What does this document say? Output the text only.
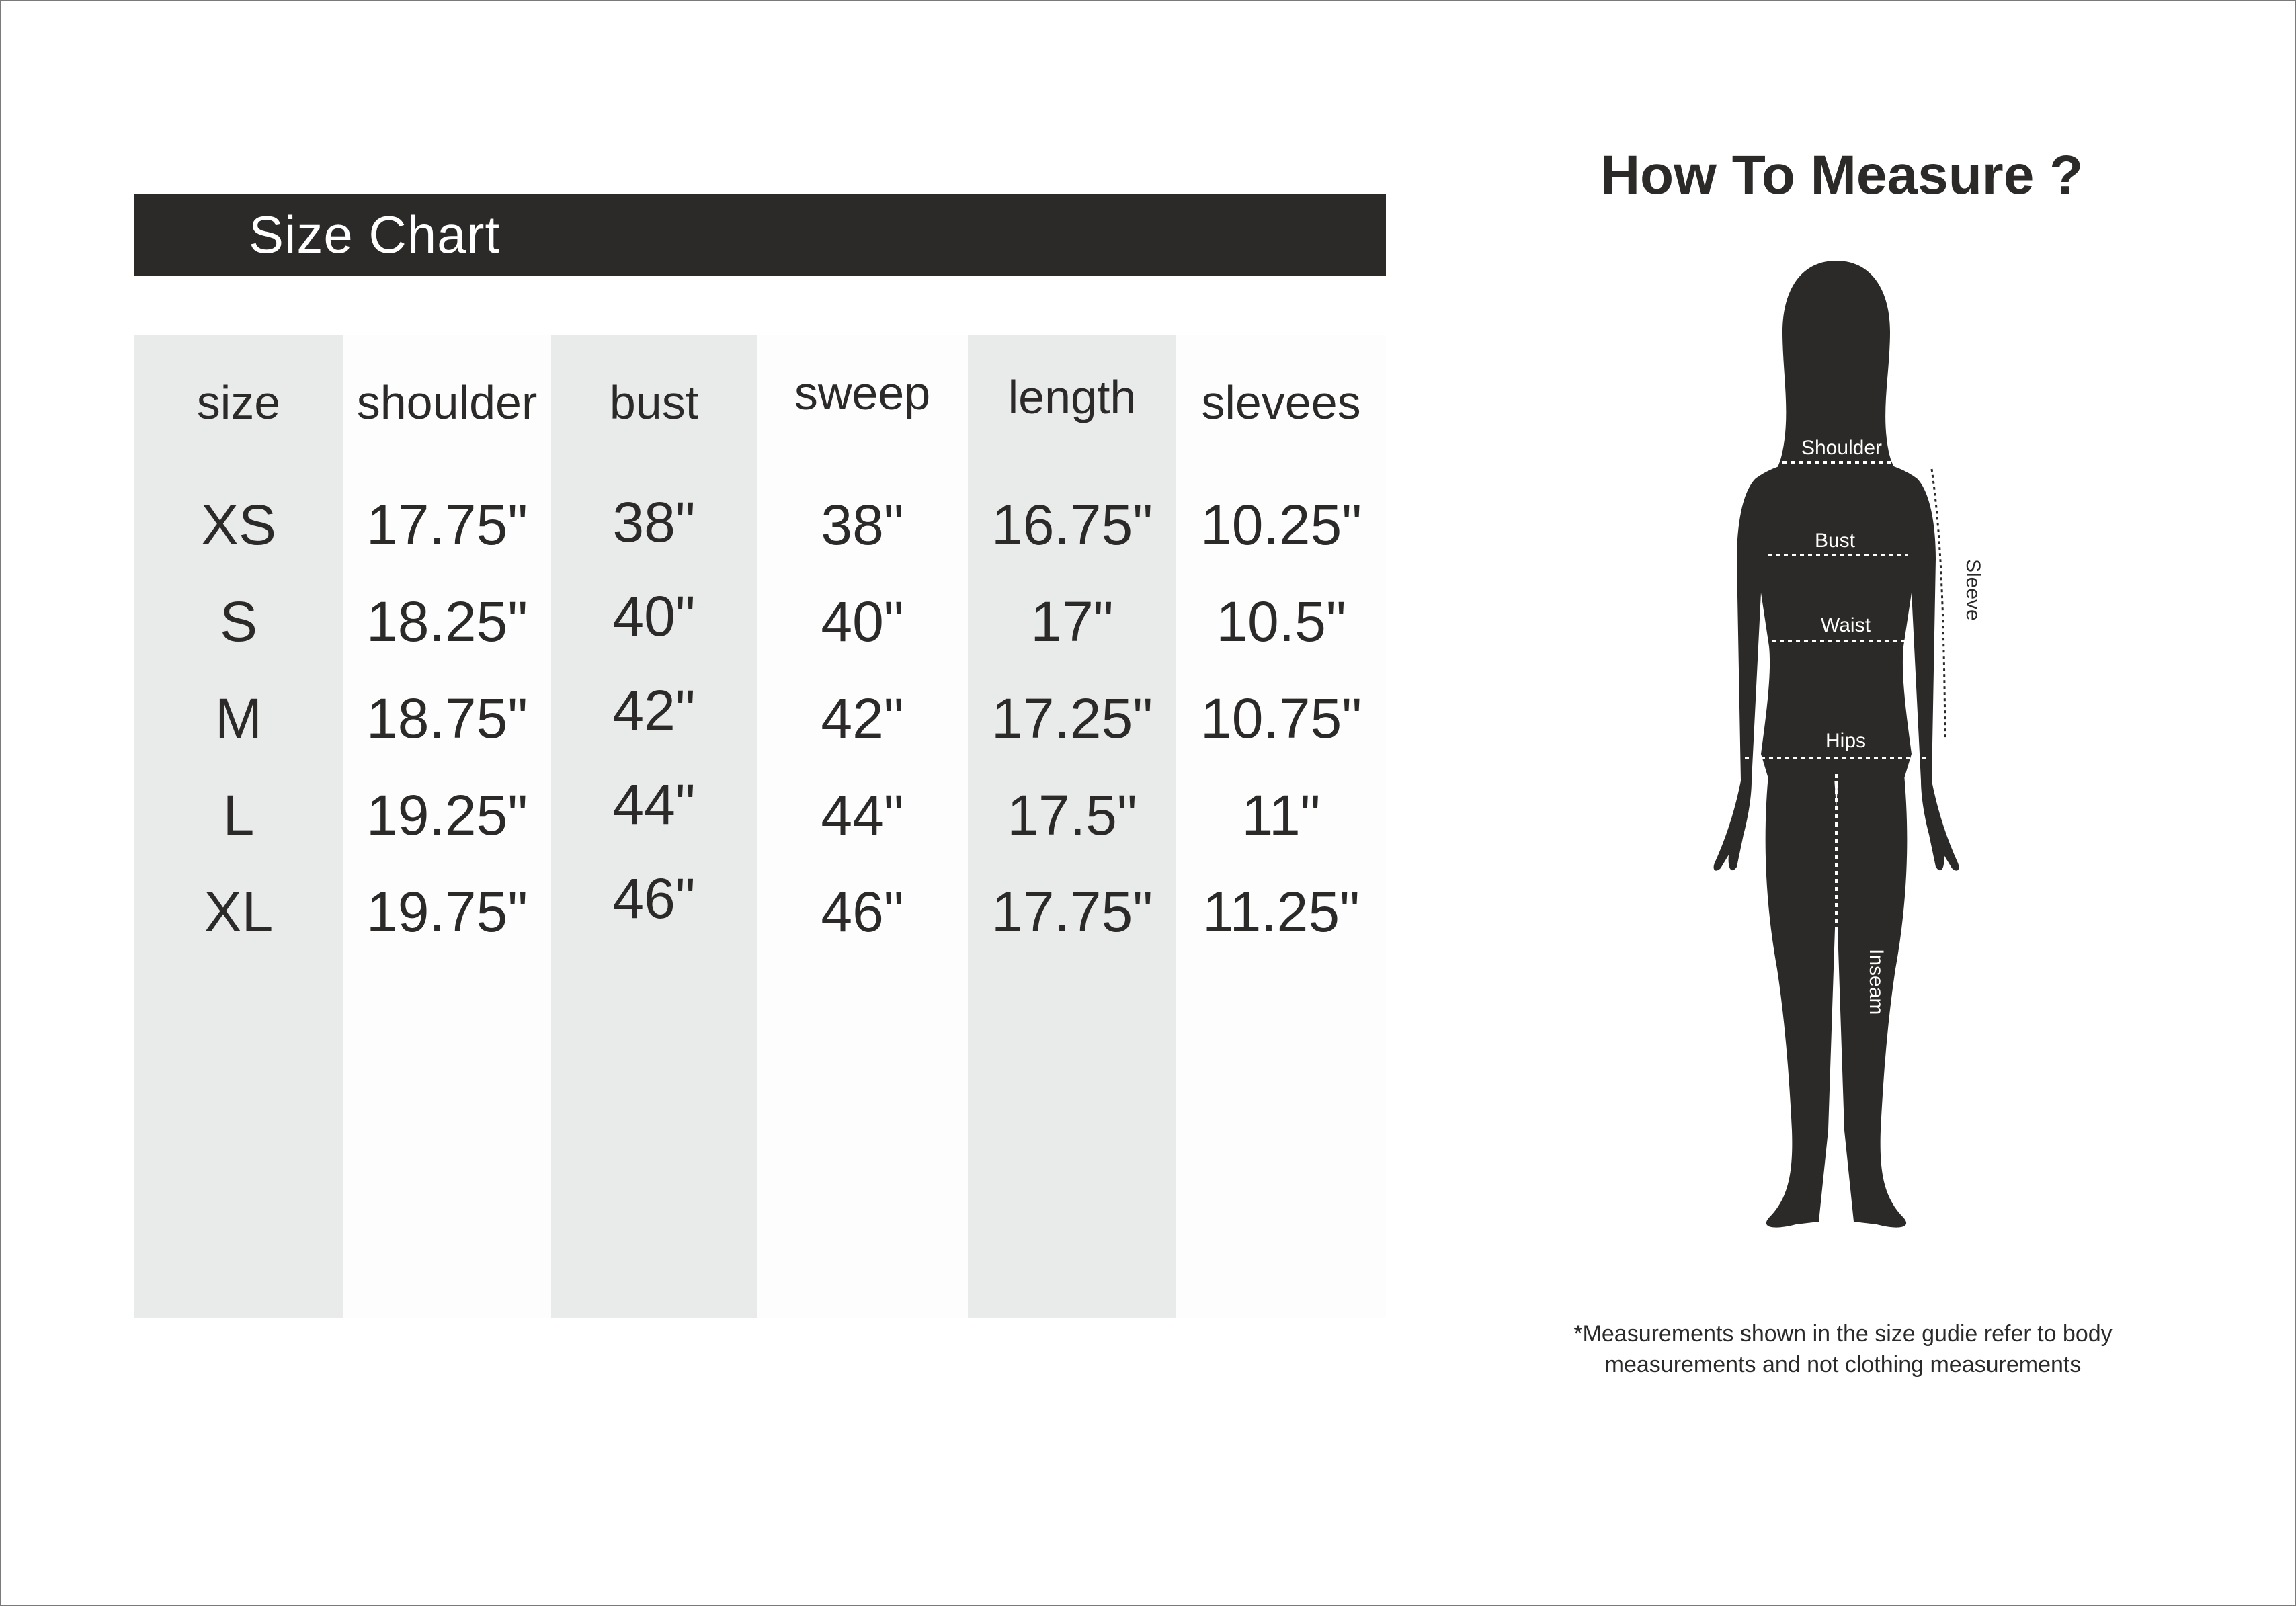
Size Chart
size
XS
S
M
L
XL
shoulder
17.75"
18.25"
18.75"
19.25"
19.75"
bust
38"
40"
42"
44"
46"
sweep
38"
40"
42"
44"
46"
length
16.75"
17"
17.25"
17.5"
17.75"
slevees
10.25"
10.5"
10.75"
11"
11.25"
How To Measure ?
Shoulder
Bust
Waist
Hips
Inseam
Sleeve
*Measurements shown in the size gudie refer to body
measurements and not clothing measurements
